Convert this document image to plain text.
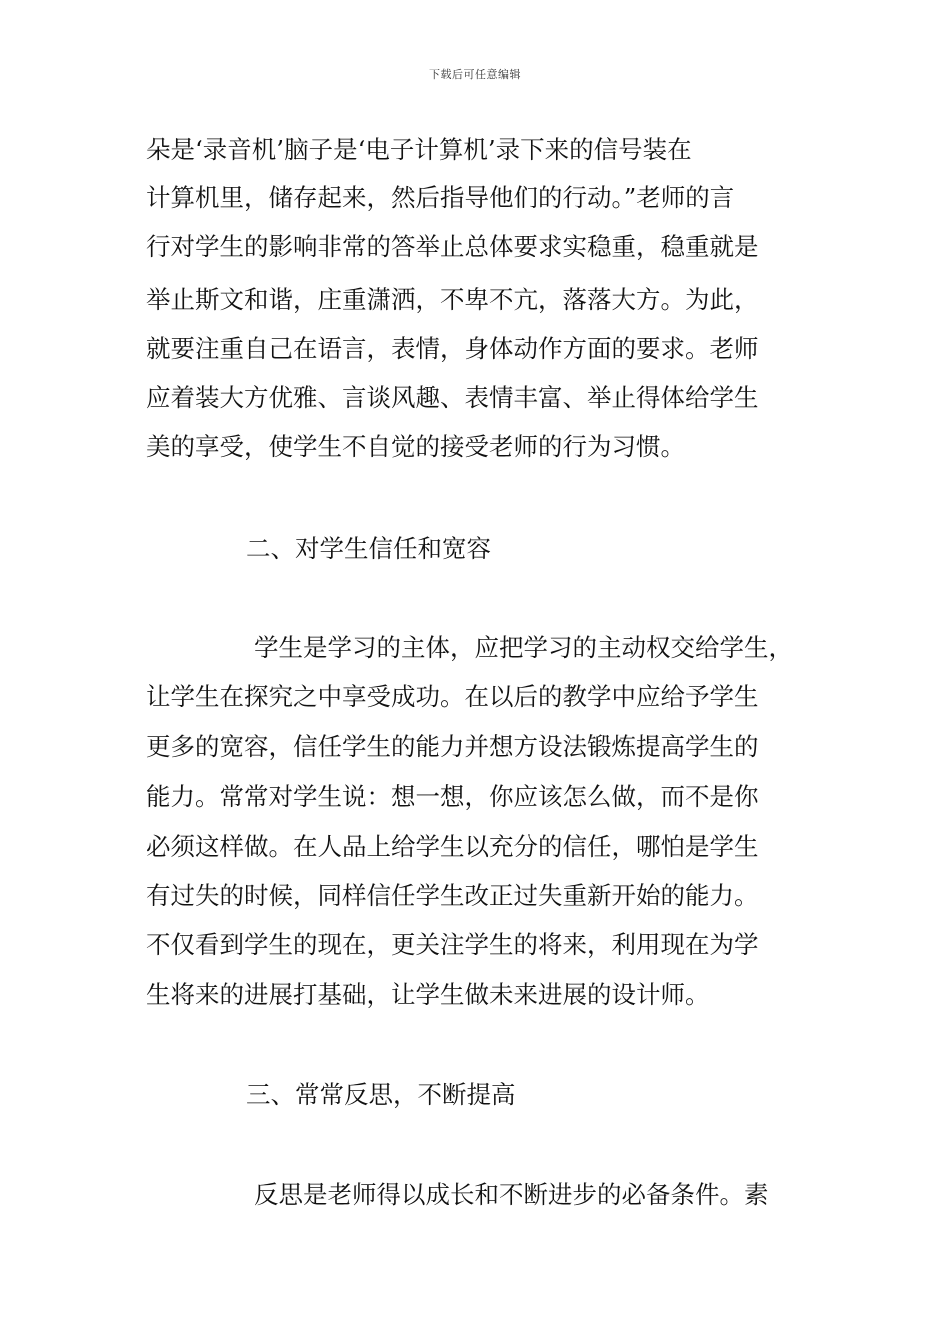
下载后可任意编辑
朵是‘录音机’脑子是‘电子计算机’录下来的信号装在
计算机里，储存起来，然后指导他们的行动。”老师的言
行对学生的影响非常的答举止总体要求实稳重，稳重就是
举止斯文和谐，庄重潇洒，不卑不亢，落落大方。为此，
就要注重自己在语言，表情，身体动作方面的要求。老师
应着装大方优雅、言谈风趣、表情丰富、举止得体给学生
美的享受，使学生不自觉的接受老师的行为习惯。
二、对学生信任和宽容
学生是学习的主体，应把学习的主动权交给学生，
让学生在探究之中享受成功。在以后的教学中应给予学生
更多的宽容，信任学生的能力并想方设法锻炼提高学生的
能力。常常对学生说：想一想，你应该怎么做，而不是你
必须这样做。在人品上给学生以充分的信任，哪怕是学生
有过失的时候，同样信任学生改正过失重新开始的能力。
不仅看到学生的现在，更关注学生的将来，利用现在为学
生将来的进展打基础，让学生做未来进展的设计师。
三、常常反思，不断提高
反思是老师得以成长和不断进步的必备条件。素
